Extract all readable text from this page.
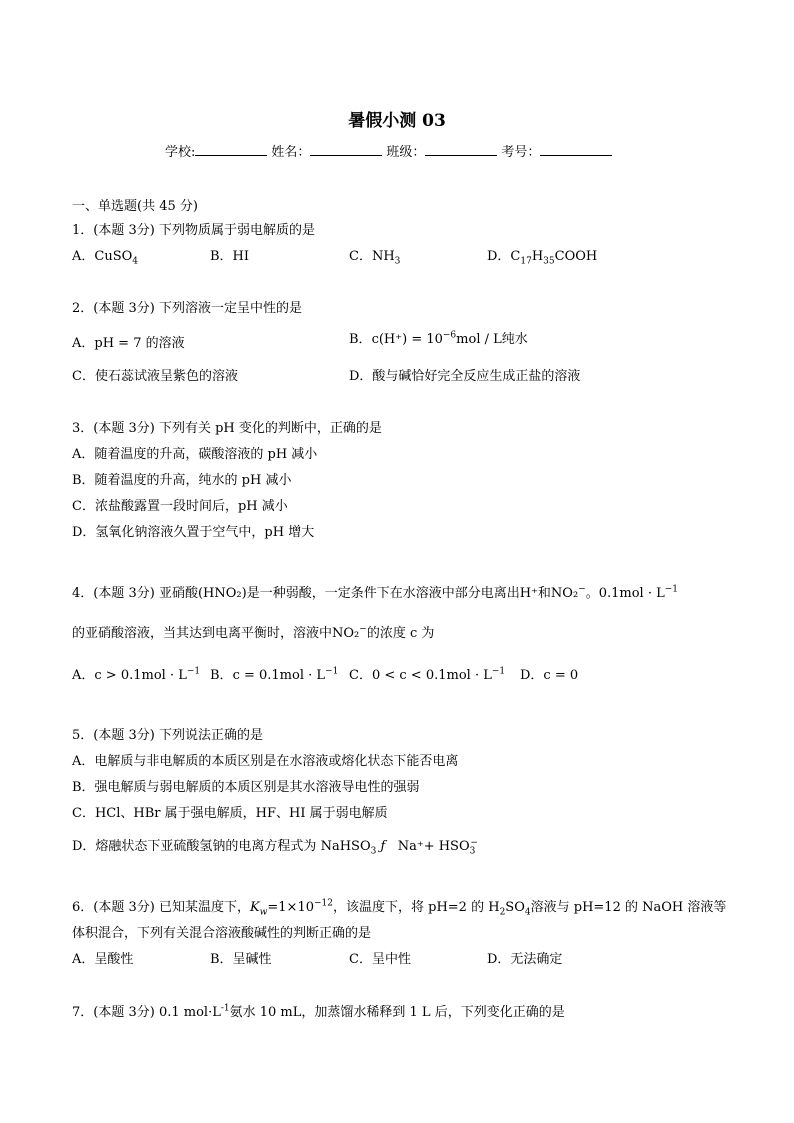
暑假小测 03
学校:	姓名：	班级：	考号：
一、单选题(共 45 分)
1．(本题 3分) 下列物质属于弱电解质的是
A．CuSO$_4$	B．HI	C．$NH_3$	D．$C_{17}H_{35}COOH$
2．(本题 3分) 下列溶液一定呈中性的是
A．pH = 7 的溶液	B．$c(H^+) = 10^{-6}mol / L$纯水
C．使石蕊试液呈紫色的溶液	D．酸与碱恰好完全反应生成正盐的溶液
3．(本题 3分) 下列有关 pH 变化的判断中，正确的是
A．随着温度的升高，碳酸溶液的 pH 减小
B．随着温度的升高，纯水的 pH 减小
C．浓盐酸露置一段时间后，pH 减小
D．氢氧化钠溶液久置于空气中，pH 增大
4．(本题 3分) 亚硝酸(HNO₂)是一种弱酸，一定条件下在水溶液中部分电离出H⁺和NO₂−。$0.1mol \cdot L^{-1}$
的亚硝酸溶液，当其达到电离平衡时，溶液中NO₂−的浓度 c 为
A．$c > 0.1mol \cdot L^{-1}$ B．$c = 0.1mol \cdot L^{-1}$ C．$0 < c < 0.1mol \cdot L^{-1}$ D．c = 0
5．(本题 3分) 下列说法正确的是
A．电解质与非电解质的本质区别是在水溶液或熔化状态下能否电离
B．强电解质与弱电解质的本质区别是其水溶液导电性的强弱
C．HCl、HBr 属于强电解质，HF、HI 属于弱电解质
D．熔融状态下亚硫酸氢钠的电离方程式为 NaHSO$_3$ ƒ $Na^++ HSO_3^-$
6．(本题 3分) 已知某温度下，$K_w=1\times 10^{-12}$，该温度下，将 pH=2 的 $H_2SO_4$溶液与 pH=12 的 NaOH 溶液等
体积混合，下列有关混合溶液酸碱性的判断正确的是
A．呈酸性	B．呈碱性	C．呈中性	D．无法确定
7．(本题 3分) 0.1 $mol\cdot L^{-1}$氨水 10 mL，加蒸馏水稀释到 1 L 后，下列变化正确的是
